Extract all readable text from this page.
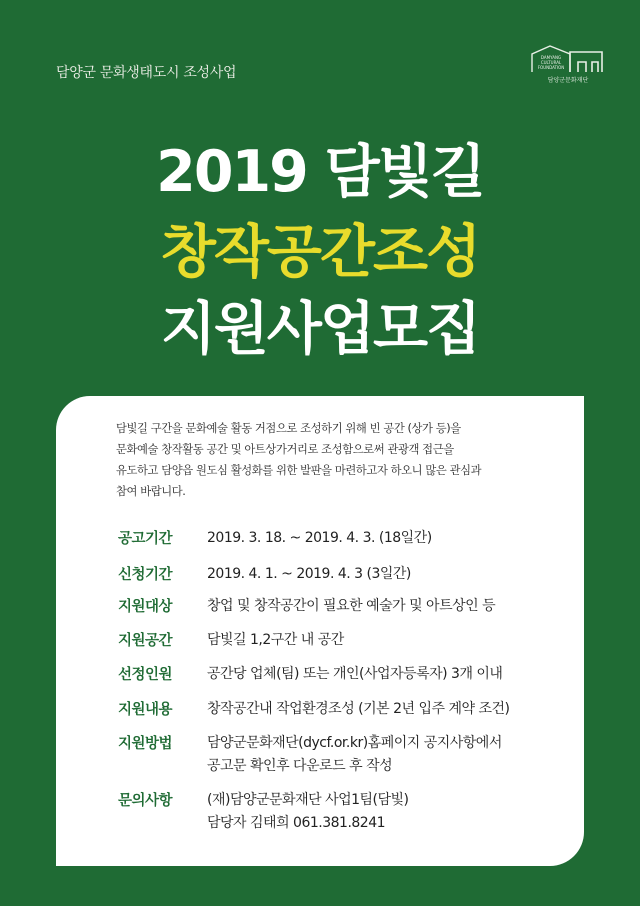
담양군 문화생태도시 조성사업
DAMYANG
CULTURAL
FOUNDATION
담양군문화재단
2019 담빛길
창작공간조성
지원사업모집
담빛길 구간을 문화예술 활동 거점으로 조성하기 위해 빈 공간 (상가 등)을
문화예술 창작활동 공간 및 아트상가거리로 조성함으로써 관광객 접근을
유도하고 담양읍 원도심 활성화를 위한 발판을 마련하고자 하오니 많은 관심과
참여 바랍니다.
공고기간 2019. 3. 18. ~ 2019. 4. 3. (18일간)
신청기간 2019. 4. 1. ~ 2019. 4. 3 (3일간)
지원대상 창업 및 창작공간이 필요한 예술가 및 아트상인 등
지원공간 담빛길 1,2구간 내 공간
선정인원 공간당 업체(팀) 또는 개인(사업자등록자) 3개 이내
지원내용 창작공간내 작업환경조성 (기본 2년 입주 계약 조건)
지원방법 담양군문화재단(dycf.or.kr)홈페이지 공지사항에서
공고문 확인후 다운로드 후 작성
문의사항 (재)담양군문화재단 사업1팀(담빛)
담당자 김태희 061.381.8241
